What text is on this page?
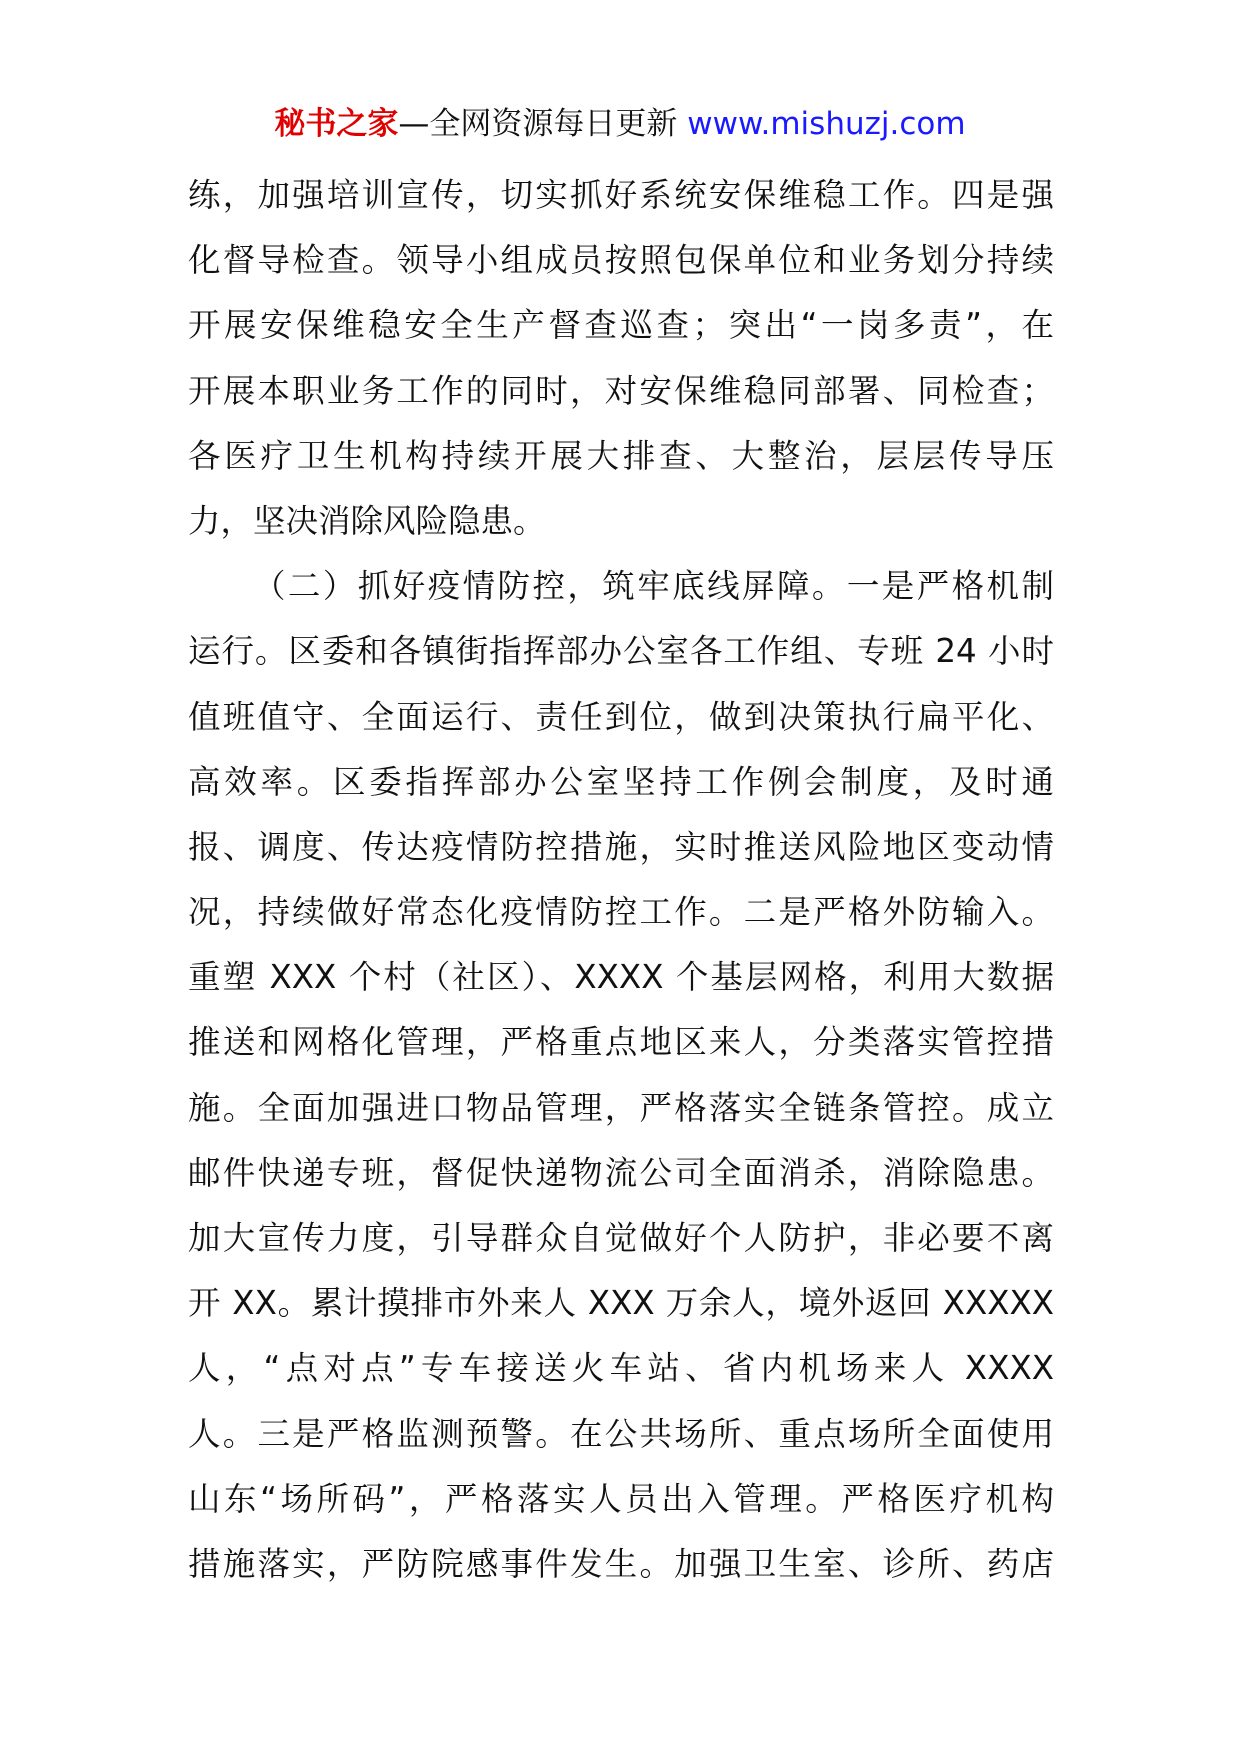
秘书之家—全网资源每日更新 www.mishuzj.com
练，加强培训宣传，切实抓好系统安保维稳工作。四是强
化督导检查。领导小组成员按照包保单位和业务划分持续
开展安保维稳安全生产督查巡查；突出“一岗多责”，在
开展本职业务工作的同时，对安保维稳同部署、同检查；
各医疗卫生机构持续开展大排查、大整治，层层传导压
力，坚决消除风险隐患。
（二）抓好疫情防控，筑牢底线屏障。一是严格机制
运行。区委和各镇街指挥部办公室各工作组、专班 24 小时
值班值守、全面运行、责任到位，做到决策执行扁平化、
高效率。区委指挥部办公室坚持工作例会制度，及时通
报、调度、传达疫情防控措施，实时推送风险地区变动情
况，持续做好常态化疫情防控工作。二是严格外防输入。
重塑 XXX 个村（社区）、XXXX 个基层网格，利用大数据
推送和网格化管理，严格重点地区来人，分类落实管控措
施。全面加强进口物品管理，严格落实全链条管控。成立
邮件快递专班，督促快递物流公司全面消杀，消除隐患。
加大宣传力度，引导群众自觉做好个人防护，非必要不离
开 XX。累计摸排市外来人 XXX 万余人，境外返回 XXXXX
人，“点对点”专车接送火车站、省内机场来人 XXXX
人。三是严格监测预警。在公共场所、重点场所全面使用
山东“场所码”，严格落实人员出入管理。严格医疗机构
措施落实，严防院感事件发生。加强卫生室、诊所、药店
